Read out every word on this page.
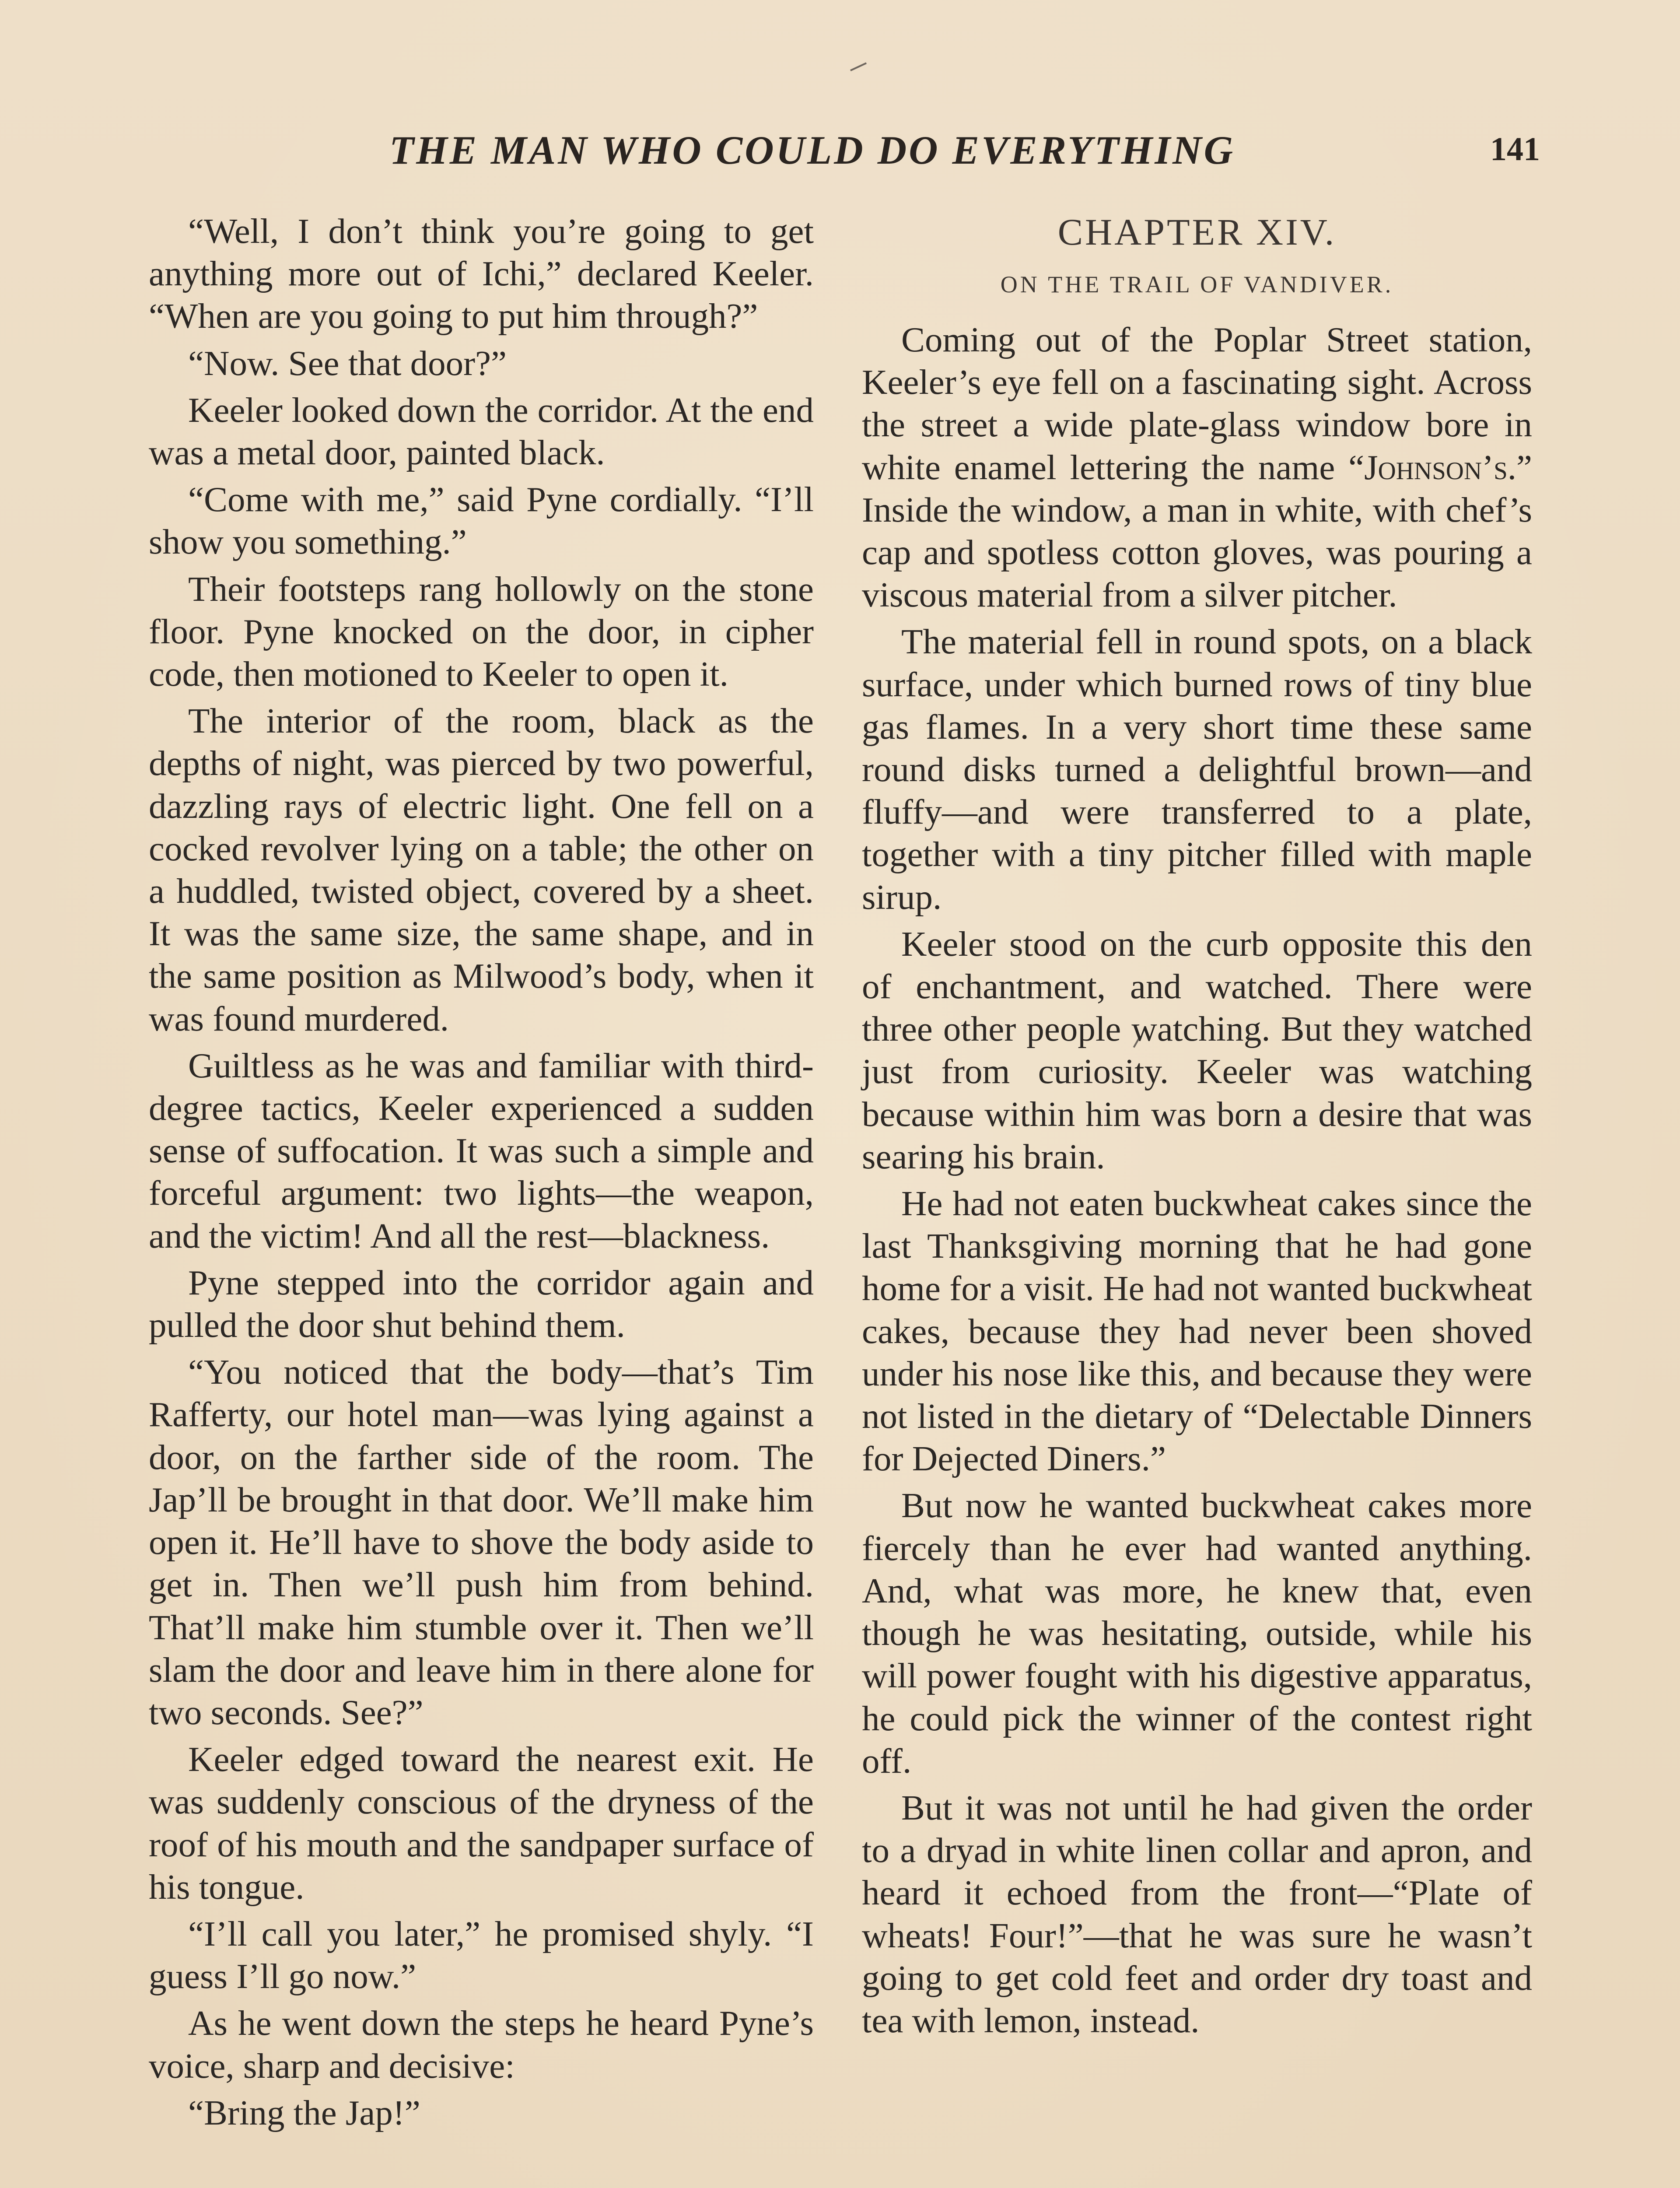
THE MAN WHO COULD DO EVERYTHING	141

“Well, I don’t think you’re going to get anything more out of Ichi,” declared Keeler. “When are you going to put him through?”

“Now. See that door?”

Keeler looked down the corridor. At the end was a metal door, painted black.

“Come with me,” said Pyne cordially. “I’ll show you something.”

Their footsteps rang hollowly on the stone floor. Pyne knocked on the door, in cipher code, then motioned to Keeler to open it.

The interior of the room, black as the depths of night, was pierced by two powerful, dazzling rays of electric light. One fell on a cocked revolver lying on a table; the other on a huddled, twisted object, covered by a sheet. It was the same size, the same shape, and in the same position as Milwood’s body, when it was found murdered.

Guiltless as he was and familiar with third-degree tactics, Keeler experienced a sudden sense of suffocation. It was such a simple and forceful argument: two lights—the weapon, and the victim! And all the rest—blackness.

Pyne stepped into the corridor again and pulled the door shut behind them.

“You noticed that the body—that’s Tim Rafferty, our hotel man—was lying against a door, on the farther side of the room. The Jap’ll be brought in that door. We’ll make him open it. He’ll have to shove the body aside to get in. Then we’ll push him from behind. That’ll make him stumble over it. Then we’ll slam the door and leave him in there alone for two seconds. See?”

Keeler edged toward the nearest exit. He was suddenly conscious of the dryness of the roof of his mouth and the sandpaper surface of his tongue.

“I’ll call you later,” he promised shyly. “I guess I’ll go now.”

As he went down the steps he heard Pyne’s voice, sharp and decisive:

“Bring the Jap!”

CHAPTER XIV.
ON THE TRAIL OF VANDIVER.

Coming out of the Poplar Street station, Keeler’s eye fell on a fascinating sight. Across the street a wide plate-glass window bore in white enamel lettering the name “Johnson’s.” Inside the window, a man in white, with chef’s cap and spotless cotton gloves, was pouring a viscous material from a silver pitcher.

The material fell in round spots, on a black surface, under which burned rows of tiny blue gas flames. In a very short time these same round disks turned a delightful brown—and fluffy—and were transferred to a plate, together with a tiny pitcher filled with maple sirup.

Keeler stood on the curb opposite this den of enchantment, and watched. There were three other people watching. But they watched just from curiosity. Keeler was watching because within him was born a desire that was searing his brain.

He had not eaten buckwheat cakes since the last Thanksgiving morning that he had gone home for a visit. He had not wanted buckwheat cakes, because they had never been shoved under his nose like this, and because they were not listed in the dietary of “Delectable Dinners for Dejected Diners.”

But now he wanted buckwheat cakes more fiercely than he ever had wanted anything. And, what was more, he knew that, even though he was hesitating, outside, while his will power fought with his digestive apparatus, he could pick the winner of the contest right off.

But it was not until he had given the order to a dryad in white linen collar and apron, and heard it echoed from the front—“Plate of wheats! Four!”—that he was sure he wasn’t going to get cold feet and order dry toast and tea with lemon, instead.
